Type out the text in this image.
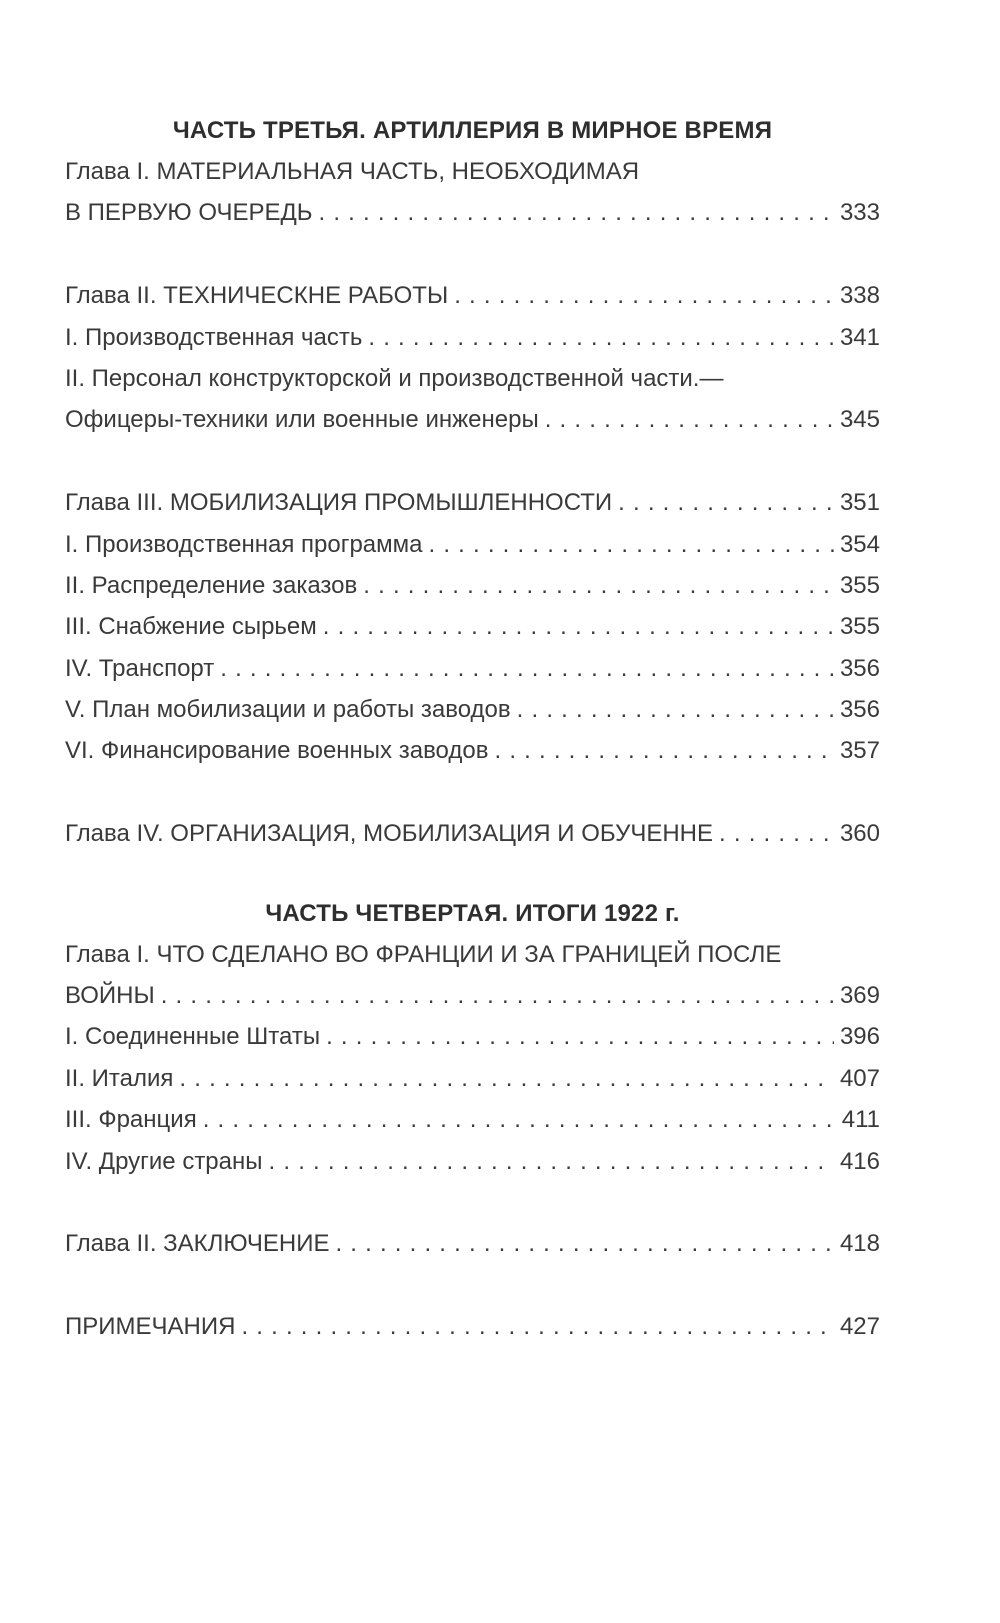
ЧАСТЬ ТРЕТЬЯ. АРТИЛЛЕРИЯ В МИРНОЕ ВРЕМЯ
Глава I. МАТЕРИАЛЬНАЯ ЧАСТЬ, НЕОБХОДИМАЯ
В ПЕРВУЮ ОЧЕРЕДЬ . . .	333
Глава II. ТЕХНИЧЕСКНЕ РАБОТЫ . . .	338
I. Производственная часть . . .	341
II. Персонал конструкторской и производственной части.—
Офицеры-техники или военные инженеры . . .	345
Глава III. МОБИЛИЗАЦИЯ ПРОМЫШЛЕННОСТИ . . .	351
I. Производственная программа . . .	354
II. Распределение заказов . . .	355
III. Снабжение сырьем . . .	355
IV. Транспорт . . .	356
V. План мобилизации и работы заводов . . .	356
VI. Финансирование военных заводов . . .	357
Глава IV. ОРГАНИЗАЦИЯ, МОБИЛИЗАЦИЯ И ОБУЧЕННЕ . . .	360
ЧАСТЬ ЧЕТВЕРТАЯ. ИТОГИ 1922 г.
Глава I. ЧТО СДЕЛАНО ВО ФРАНЦИИ И ЗА ГРАНИЦЕЙ ПОСЛЕ
ВОЙНЫ . . .	369
I. Соединенные Штаты . . .	396
II. Италия . . .	407
III. Франция . . .	411
IV. Другие страны . . .	416
Глава II. ЗАКЛЮЧЕНИЕ . . .	418
ПРИМЕЧАНИЯ . . .	427
